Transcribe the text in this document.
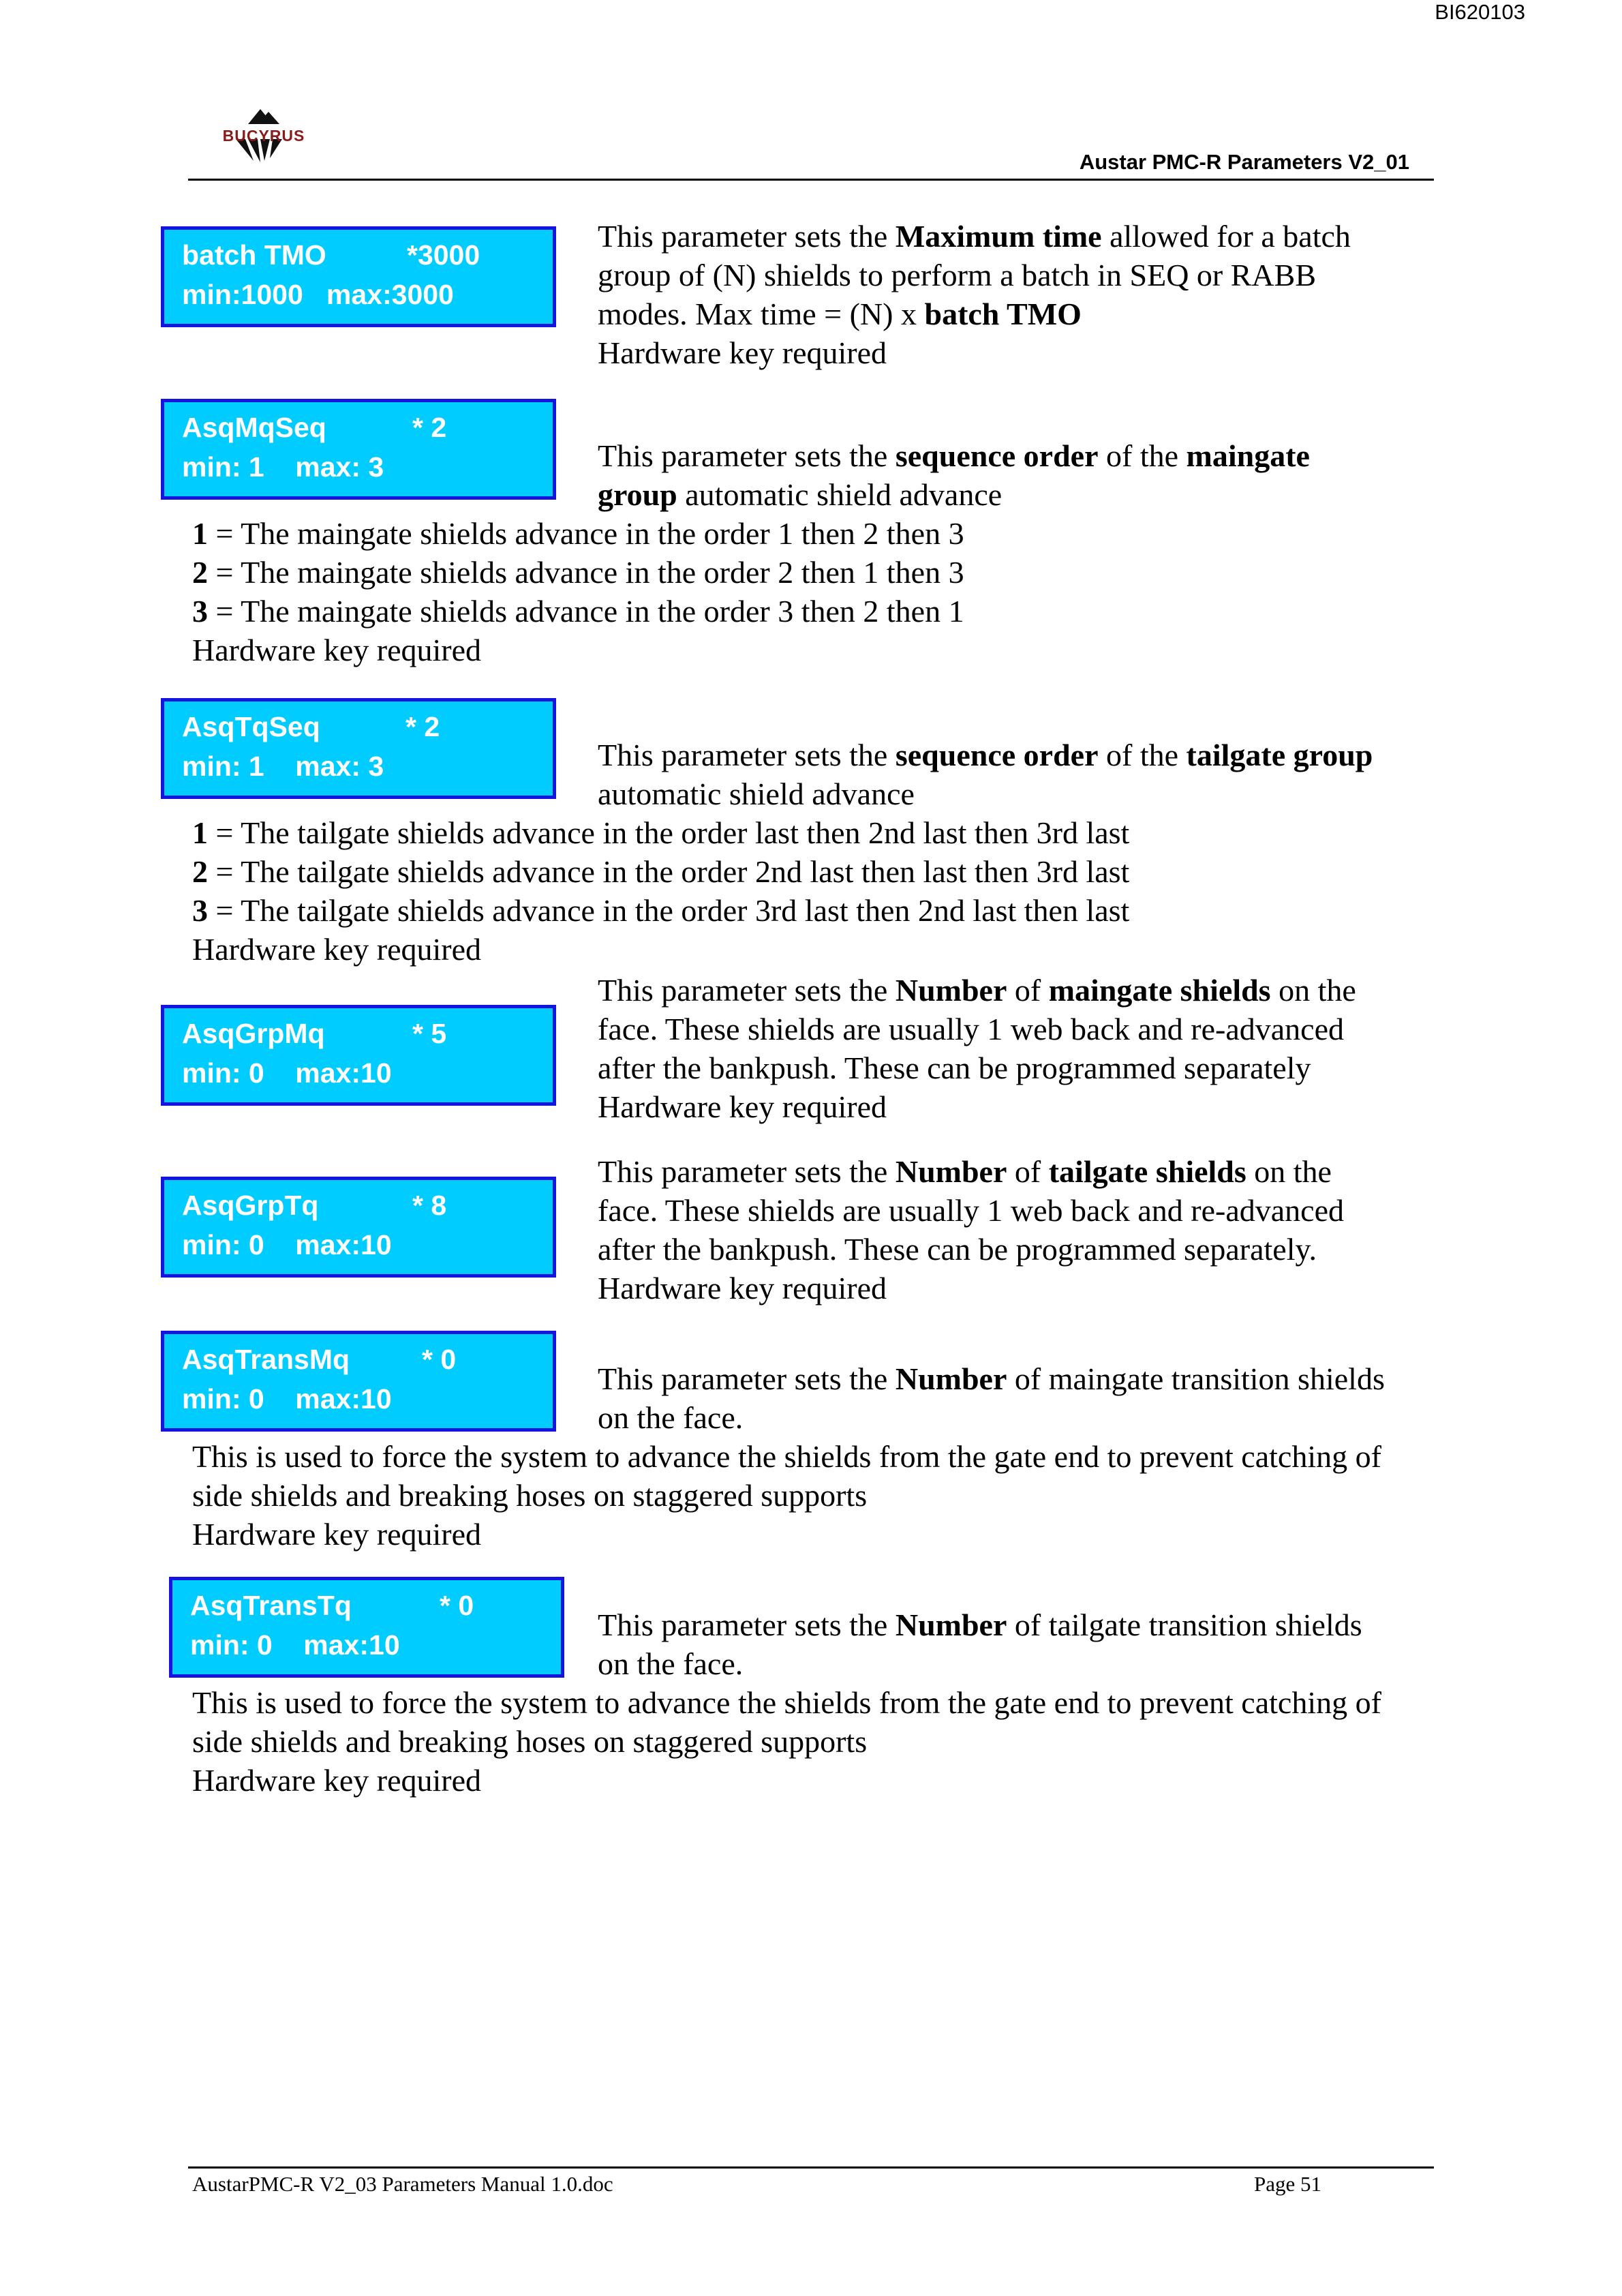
BI620103
BUCYRUS
Austar PMC-R Parameters V2_01
batch TMO	*3000
min:1000   max:3000
AsqMqSeq	* 2
min: 1    max: 3
AsqTqSeq	* 2
min: 1    max: 3
AsqGrpMq	* 5
min: 0    max:10
AsqGrpTq	* 8
min: 0    max:10
AsqTransMq	* 0
min: 0    max:10
AsqTransTq	* 0
min: 0    max:10
This parameter sets the Maximum time allowed for a batch
group of (N) shields to perform a batch in SEQ or RABB
modes. Max time = (N) x batch TMO
Hardware key required
This parameter sets the sequence order of the maingate
group automatic shield advance
1 = The maingate shields advance in the order 1 then 2 then 3
2 = The maingate shields advance in the order 2 then 1 then 3
3 = The maingate shields advance in the order 3 then 2 then 1
Hardware key required
This parameter sets the sequence order of the tailgate group
automatic shield advance
1 = The tailgate shields advance in the order last then 2nd last then 3rd last
2 = The tailgate shields advance in the order 2nd last then last then 3rd last
3 = The tailgate shields advance in the order 3rd last then 2nd last then last
Hardware key required
This parameter sets the Number of maingate shields on the
face. These shields are usually 1 web back and re-advanced
after the bankpush. These can be programmed separately
Hardware key required
This parameter sets the Number of tailgate shields on the
face. These shields are usually 1 web back and re-advanced
after the bankpush. These can be programmed separately.
Hardware key required
This parameter sets the Number of maingate transition shields
on the face.
This is used to force the system to advance the shields from the gate end to prevent catching of
side shields and breaking hoses on staggered supports
Hardware key required
This parameter sets the Number of tailgate transition shields
on the face.
This is used to force the system to advance the shields from the gate end to prevent catching of
side shields and breaking hoses on staggered supports
Hardware key required
AustarPMC-R V2_03 Parameters Manual 1.0.doc	Page 51
